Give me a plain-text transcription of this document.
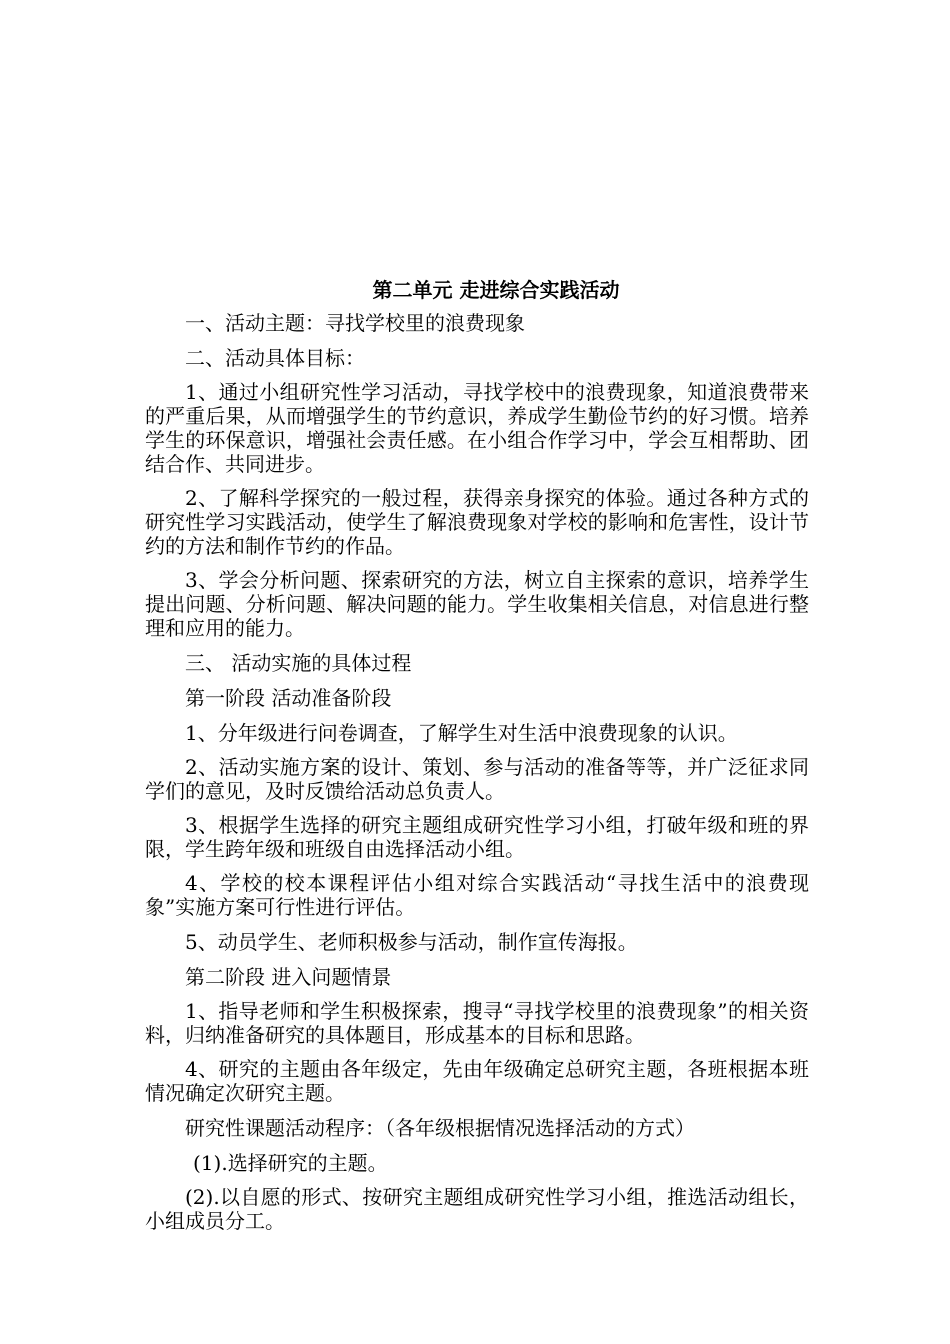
第二单元 走进综合实践活动
一、活动主题：寻找学校里的浪费现象
二、活动具体目标：
1、通过小组研究性学习活动，寻找学校中的浪费现象，知道浪费带来的严重后果，从而增强学生的节约意识，养成学生勤俭节约的好习惯。培养学生的环保意识，增强社会责任感。在小组合作学习中，学会互相帮助、团结合作、共同进步。
2、了解科学探究的一般过程，获得亲身探究的体验。通过各种方式的研究性学习实践活动，使学生了解浪费现象对学校的影响和危害性，设计节约的方法和制作节约的作品。
3、学会分析问题、探索研究的方法，树立自主探索的意识，培养学生提出问题、分析问题、解决问题的能力。学生收集相关信息，对信息进行整理和应用的能力。
三、 活动实施的具体过程
第一阶段 活动准备阶段
1、分年级进行问卷调查，了解学生对生活中浪费现象的认识。
2、活动实施方案的设计、策划、参与活动的准备等等，并广泛征求同学们的意见，及时反馈给活动总负责人。
3、根据学生选择的研究主题组成研究性学习小组，打破年级和班的界限，学生跨年级和班级自由选择活动小组。
4、学校的校本课程评估小组对综合实践活动“寻找生活中的浪费现象”实施方案可行性进行评估。
5、动员学生、老师积极参与活动，制作宣传海报。
第二阶段 进入问题情景
1、指导老师和学生积极探索，搜寻“寻找学校里的浪费现象”的相关资料，归纳准备研究的具体题目，形成基本的目标和思路。
4、研究的主题由各年级定，先由年级确定总研究主题，各班根据本班情况确定次研究主题。
研究性课题活动程序：（各年级根据情况选择活动的方式）
(1).选择研究的主题。
(2).以自愿的形式、按研究主题组成研究性学习小组，推选活动组长，小组成员分工。
